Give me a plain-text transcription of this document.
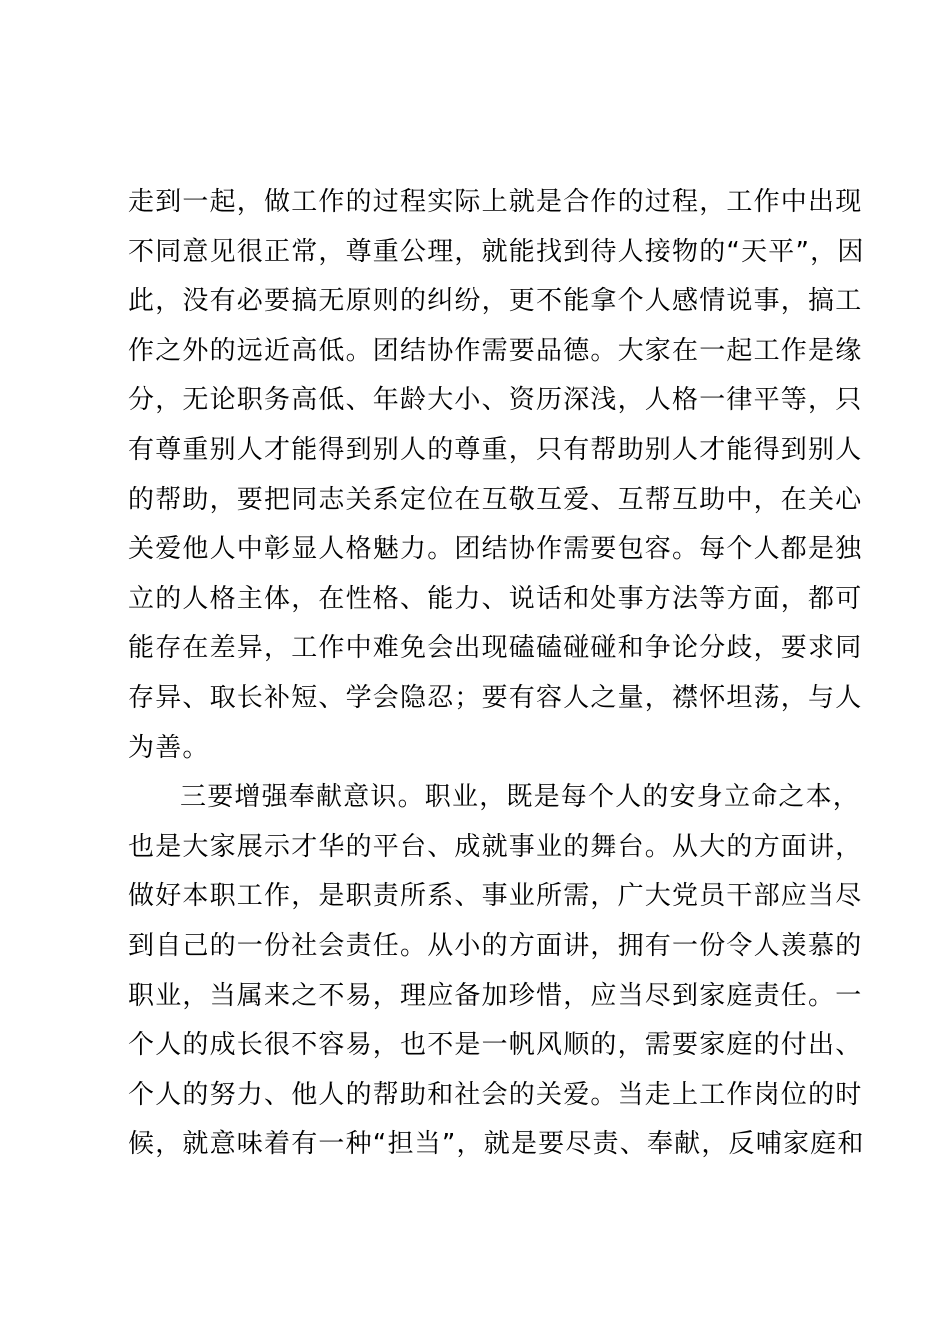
走到一起，做工作的过程实际上就是合作的过程，工作中出现
不同意见很正常，尊重公理，就能找到待人接物的“天平”，因
此，没有必要搞无原则的纠纷，更不能拿个人感情说事，搞工
作之外的远近高低。团结协作需要品德。大家在一起工作是缘
分，无论职务高低、年龄大小、资历深浅，人格一律平等，只
有尊重别人才能得到别人的尊重，只有帮助别人才能得到别人
的帮助，要把同志关系定位在互敬互爱、互帮互助中，在关心
关爱他人中彰显人格魅力。团结协作需要包容。每个人都是独
立的人格主体，在性格、能力、说话和处事方法等方面，都可
能存在差异，工作中难免会出现磕磕碰碰和争论分歧，要求同
存异、取长补短、学会隐忍；要有容人之量，襟怀坦荡，与人
为善。
三要增强奉献意识。职业，既是每个人的安身立命之本，
也是大家展示才华的平台、成就事业的舞台。从大的方面讲，
做好本职工作，是职责所系、事业所需，广大党员干部应当尽
到自己的一份社会责任。从小的方面讲，拥有一份令人羡慕的
职业，当属来之不易，理应备加珍惜，应当尽到家庭责任。一
个人的成长很不容易，也不是一帆风顺的，需要家庭的付出、
个人的努力、他人的帮助和社会的关爱。当走上工作岗位的时
候，就意味着有一种“担当”，就是要尽责、奉献，反哺家庭和
